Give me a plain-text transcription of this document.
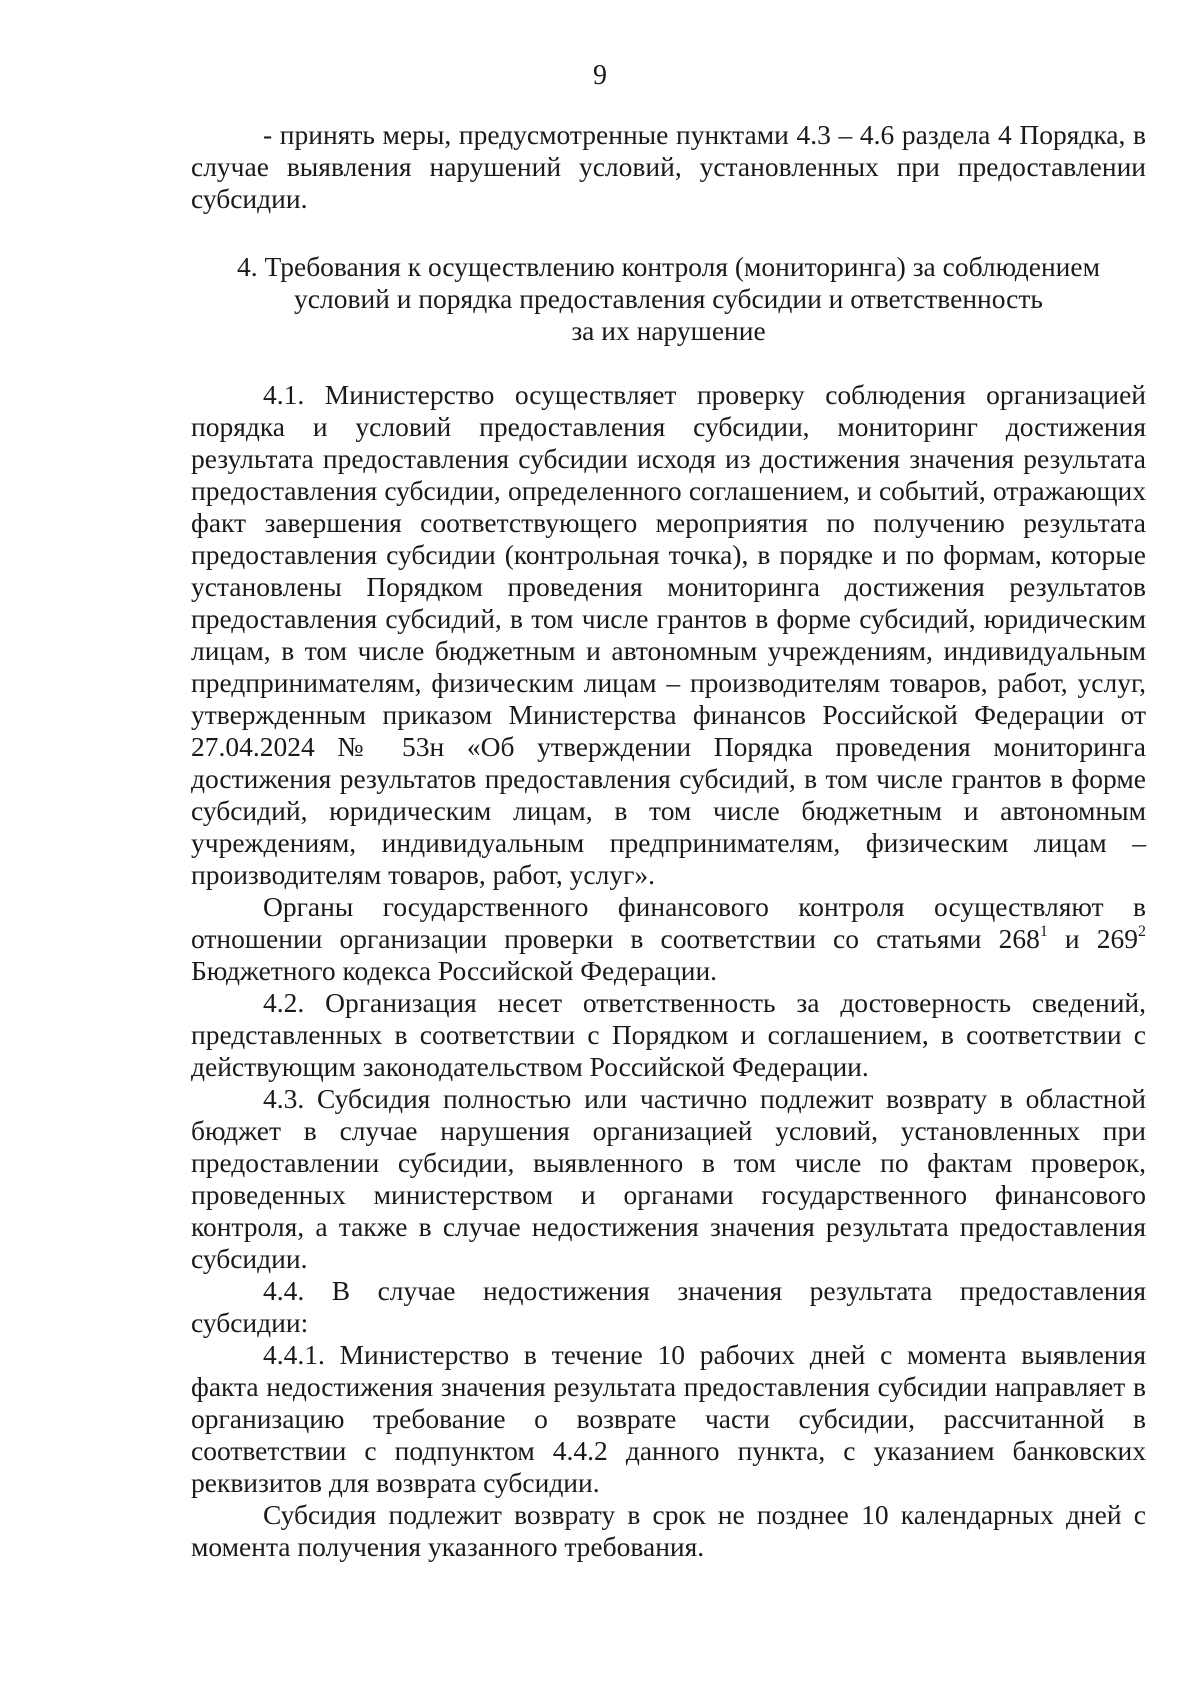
9

- принять меры, предусмотренные пунктами 4.3 – 4.6 раздела 4 Порядка, в случае выявления нарушений условий, установленных при предоставлении субсидии.

4. Требования к осуществлению контроля (мониторинга) за соблюдением
условий и порядка предоставления субсидии и ответственность
за их нарушение

4.1. Министерство осуществляет проверку соблюдения организацией порядка и условий предоставления субсидии, мониторинг достижения результата предоставления субсидии исходя из достижения значения результата предоставления субсидии, определенного соглашением, и событий, отражающих факт завершения соответствующего мероприятия по получению результата предоставления субсидии (контрольная точка), в порядке и по формам, которые установлены Порядком проведения мониторинга достижения результатов предоставления субсидий, в том числе грантов в форме субсидий, юридическим лицам, в том числе бюджетным и автономным учреждениям, индивидуальным предпринимателям, физическим лицам – производителям товаров, работ, услуг, утвержденным приказом Министерства финансов Российской Федерации от 27.04.2024 № 53н «Об утверждении Порядка проведения мониторинга достижения результатов предоставления субсидий, в том числе грантов в форме субсидий, юридическим лицам, в том числе бюджетным и автономным учреждениям, индивидуальным предпринимателям, физическим лицам – производителям товаров, работ, услуг».

Органы государственного финансового контроля осуществляют в отношении организации проверки в соответствии со статьями $268^1$ и $269^2$ Бюджетного кодекса Российской Федерации.

4.2. Организация несет ответственность за достоверность сведений, представленных в соответствии с Порядком и соглашением, в соответствии с действующим законодательством Российской Федерации.

4.3. Субсидия полностью или частично подлежит возврату в областной бюджет в случае нарушения организацией условий, установленных при предоставлении субсидии, выявленного в том числе по фактам проверок, проведенных министерством и органами государственного финансового контроля, а также в случае недостижения значения результата предоставления субсидии.

4.4. В случае недостижения значения результата предоставления субсидии:

4.4.1. Министерство в течение 10 рабочих дней с момента выявления факта недостижения значения результата предоставления субсидии направляет в организацию требование о возврате части субсидии, рассчитанной в соответствии с подпунктом 4.4.2 данного пункта, с указанием банковских реквизитов для возврата субсидии.

Субсидия подлежит возврату в срок не позднее 10 календарных дней с момента получения указанного требования.
